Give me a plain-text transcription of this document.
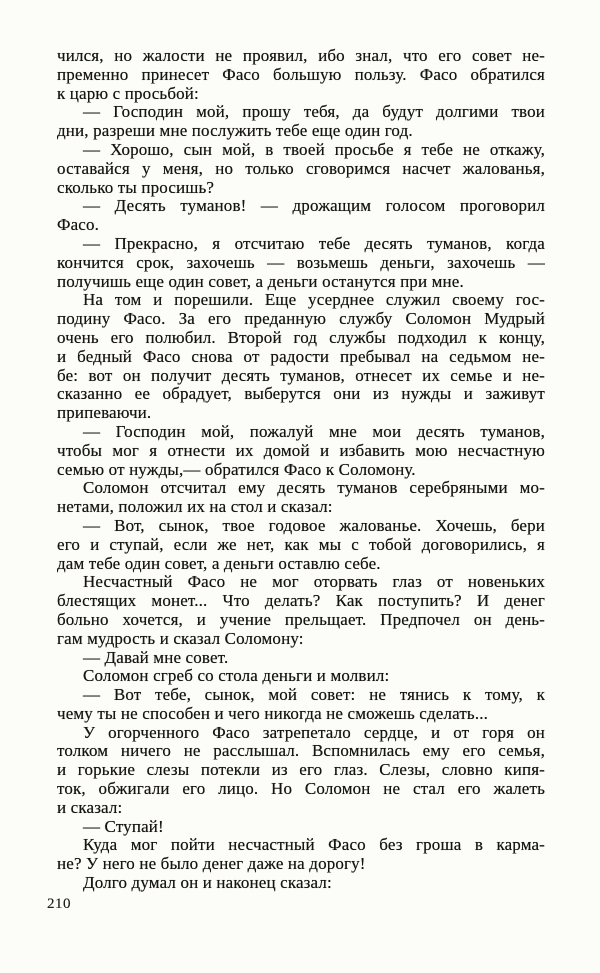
чился, но жалости не проявил, ибо знал, что его совет не-
пременно принесет Фасо большую пользу. Фасо обратился
к царю с просьбой:
— Господин мой, прошу тебя, да будут долгими твои
дни, разреши мне послужить тебе еще один год.
— Хорошо, сын мой, в твоей просьбе я тебе не откажу,
оставайся у меня, но только сговоримся насчет жалованья,
сколько ты просишь?
— Десять туманов! — дрожащим голосом проговорил
Фасо.
— Прекрасно, я отсчитаю тебе десять туманов, когда
кончится срок, захочешь — возьмешь деньги, захочешь —
получишь еще один совет, а деньги останутся при мне.
На том и порешили. Еще усерднее служил своему гос-
подину Фасо. За его преданную службу Соломон Мудрый
очень его полюбил. Второй год службы подходил к концу,
и бедный Фасо снова от радости пребывал на седьмом не-
бе: вот он получит десять туманов, отнесет их семье и не-
сказанно ее обрадует, выберутся они из нужды и заживут
припеваючи.
— Господин мой, пожалуй мне мои десять туманов,
чтобы мог я отнести их домой и избавить мою несчастную
семью от нужды,— обратился Фасо к Соломону.
Соломон отсчитал ему десять туманов серебряными мо-
нетами, положил их на стол и сказал:
— Вот, сынок, твое годовое жалованье. Хочешь, бери
его и ступай, если же нет, как мы с тобой договорились, я
дам тебе один совет, а деньги оставлю себе.
Несчастный Фасо не мог оторвать глаз от новеньких
блестящих монет... Что делать? Как поступить? И денег
больно хочется, и учение прельщает. Предпочел он день-
гам мудрость и сказал Соломону:
— Давай мне совет.
Соломон сгреб со стола деньги и молвил:
— Вот тебе, сынок, мой совет: не тянись к тому, к
чему ты не способен и чего никогда не сможешь сделать...
У огорченного Фасо затрепетало сердце, и от горя он
толком ничего не расслышал. Вспомнилась ему его семья,
и горькие слезы потекли из его глаз. Слезы, словно кипя-
ток, обжигали его лицо. Но Соломон не стал его жалеть
и сказал:
— Ступай!
Куда мог пойти несчастный Фасо без гроша в карма-
не? У него не было денег даже на дорогу!
Долго думал он и наконец сказал:
210
